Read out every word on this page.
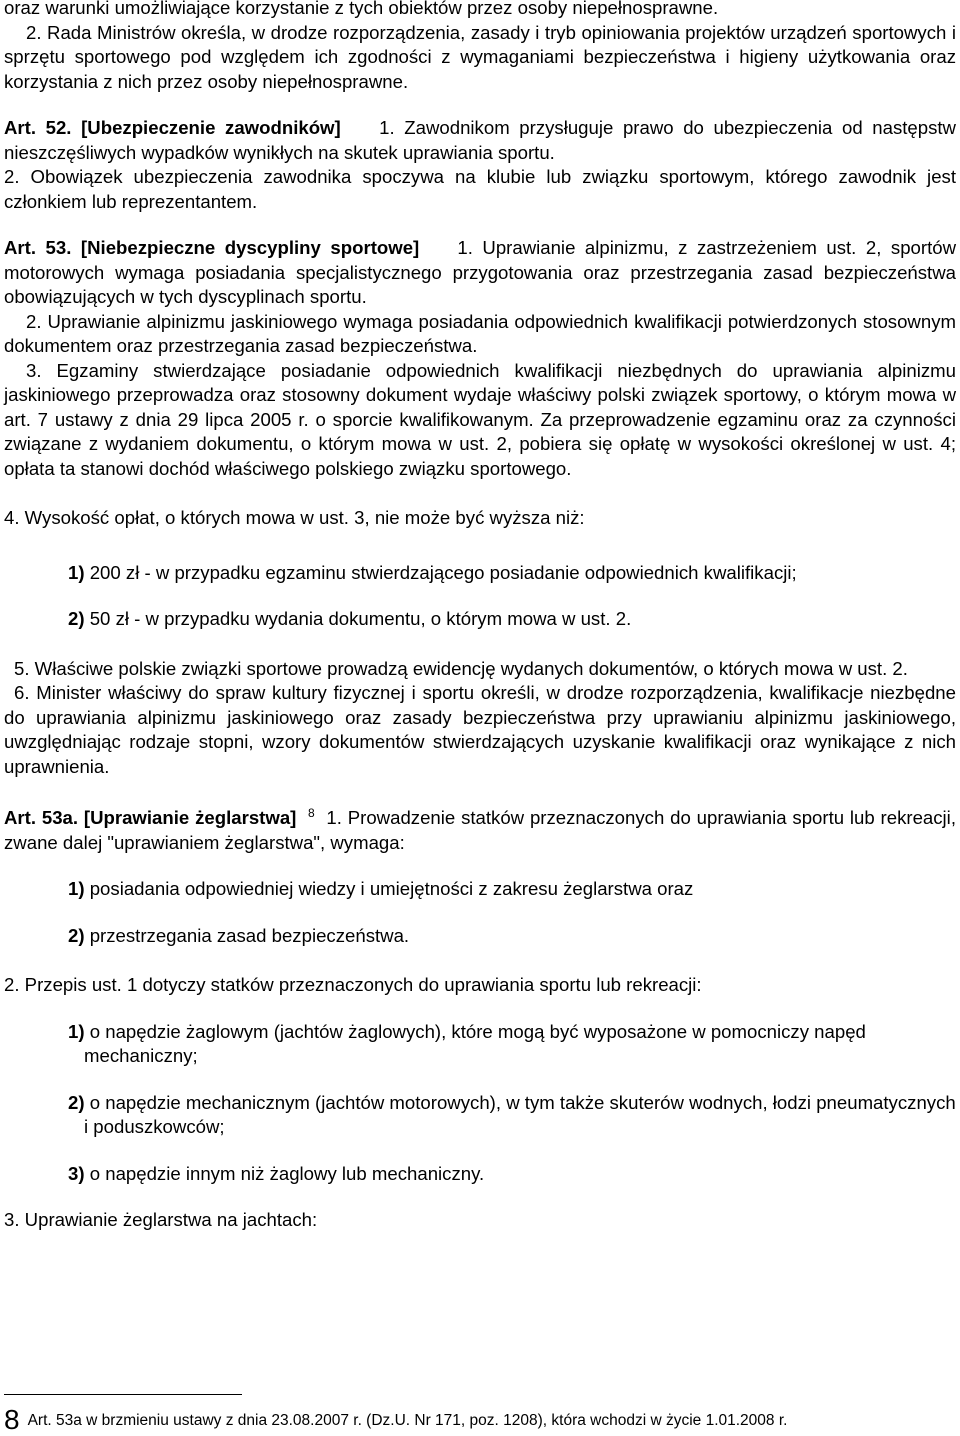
oraz warunki umożliwiające korzystanie z tych obiektów przez osoby niepełnosprawne.

2. Rada Ministrów określa, w drodze rozporządzenia, zasady i tryb opiniowania projektów urządzeń sportowych i sprzętu sportowego pod względem ich zgodności z wymaganiami bezpieczeństwa i higieny użytkowania oraz korzystania z nich przez osoby niepełnosprawne.

Art. 52. [Ubezpieczenie zawodników] 1. Zawodnikom przysługuje prawo do ubezpieczenia od następstw nieszczęśliwych wypadków wynikłych na skutek uprawiania sportu.

2. Obowiązek ubezpieczenia zawodnika spoczywa na klubie lub związku sportowym, którego zawodnik jest członkiem lub reprezentantem.

Art. 53. [Niebezpieczne dyscypliny sportowe] 1. Uprawianie alpinizmu, z zastrzeżeniem ust. 2, sportów motorowych wymaga posiadania specjalistycznego przygotowania oraz przestrzegania zasad bezpieczeństwa obowiązujących w tych dyscyplinach sportu.

2. Uprawianie alpinizmu jaskiniowego wymaga posiadania odpowiednich kwalifikacji potwierdzonych stosownym dokumentem oraz przestrzegania zasad bezpieczeństwa.

3. Egzaminy stwierdzające posiadanie odpowiednich kwalifikacji niezbędnych do uprawiania alpinizmu jaskiniowego przeprowadza oraz stosowny dokument wydaje właściwy polski związek sportowy, o którym mowa w art. 7 ustawy z dnia 29 lipca 2005 r. o sporcie kwalifikowanym. Za przeprowadzenie egzaminu oraz za czynności związane z wydaniem dokumentu, o którym mowa w ust. 2, pobiera się opłatę w wysokości określonej w ust. 4; opłata ta stanowi dochód właściwego polskiego związku sportowego.

4. Wysokość opłat, o których mowa w ust. 3, nie może być wyższa niż:

1) 200 zł - w przypadku egzaminu stwierdzającego posiadanie odpowiednich kwalifikacji;
2) 50 zł - w przypadku wydania dokumentu, o którym mowa w ust. 2.

5. Właściwe polskie związki sportowe prowadzą ewidencję wydanych dokumentów, o których mowa w ust. 2.

6. Minister właściwy do spraw kultury fizycznej i sportu określi, w drodze rozporządzenia, kwalifikacje niezbędne do uprawiania alpinizmu jaskiniowego oraz zasady bezpieczeństwa przy uprawianiu alpinizmu jaskiniowego, uwzględniając rodzaje stopni, wzory dokumentów stwierdzających uzyskanie kwalifikacji oraz wynikające z nich uprawnienia.

Art. 53a. [Uprawianie żeglarstwa] $^8$ 1. Prowadzenie statków przeznaczonych do uprawiania sportu lub rekreacji, zwane dalej "uprawianiem żeglarstwa", wymaga:

1) posiadania odpowiedniej wiedzy i umiejętności z zakresu żeglarstwa oraz
2) przestrzegania zasad bezpieczeństwa.

2. Przepis ust. 1 dotyczy statków przeznaczonych do uprawiania sportu lub rekreacji:

1) o napędzie żaglowym (jachtów żaglowych), które mogą być wyposażone w pomocniczy napęd mechaniczny;
2) o napędzie mechanicznym (jachtów motorowych), w tym także skuterów wodnych, łodzi pneumatycznych i poduszkowców;
3) o napędzie innym niż żaglowy lub mechaniczny.

3. Uprawianie żeglarstwa na jachtach:

8 Art. 53a w brzmieniu ustawy z dnia 23.08.2007 r. (Dz.U. Nr 171, poz. 1208), która wchodzi w życie 1.01.2008 r.
